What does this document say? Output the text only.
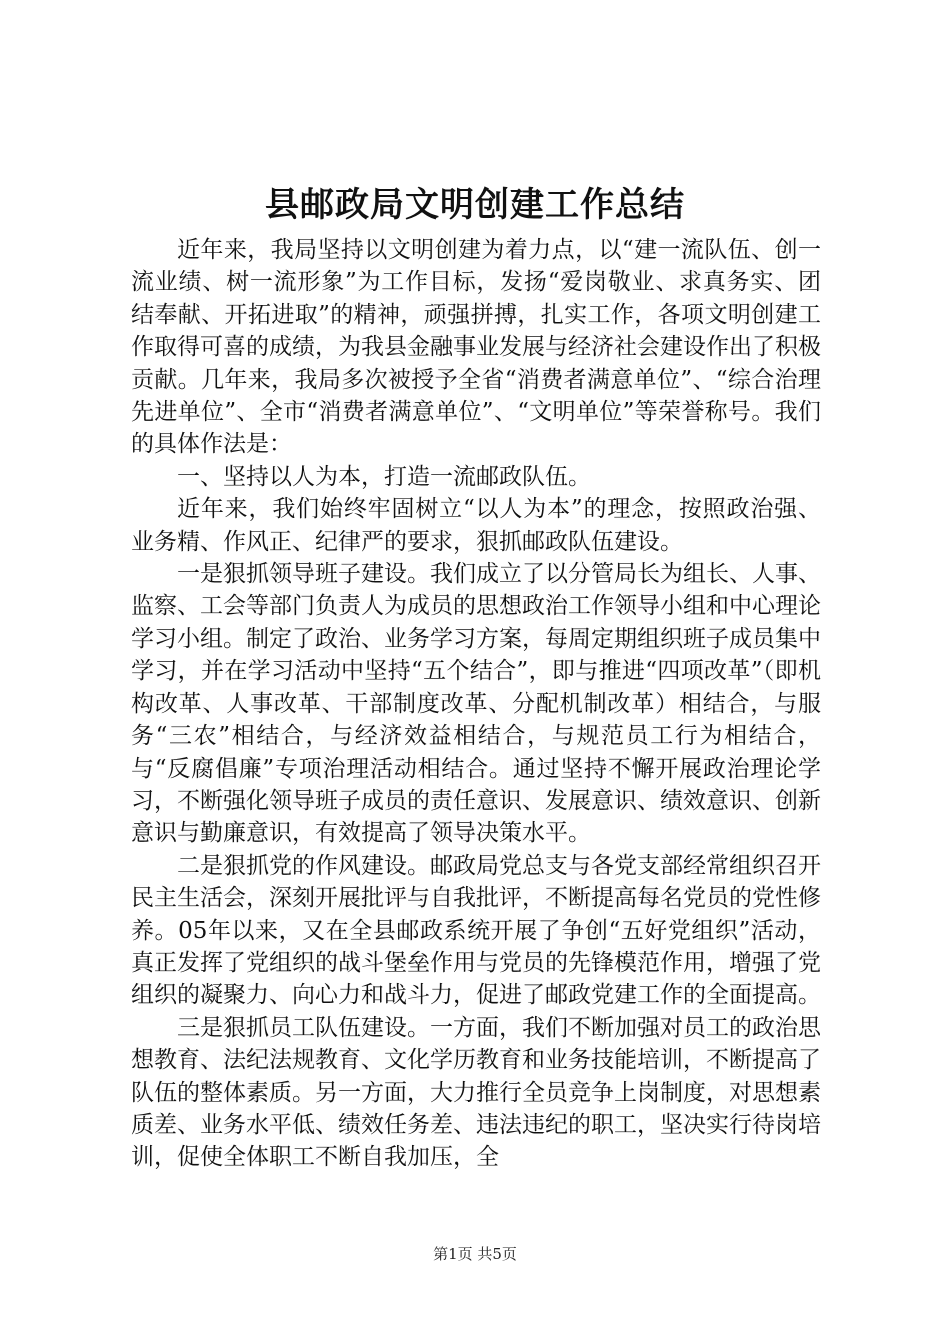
县邮政局文明创建工作总结

近年来，我局坚持以文明创建为着力点，以“建一流队伍、创一流业绩、树一流形象”为工作目标，发扬“爱岗敬业、求真务实、团结奉献、开拓进取”的精神，顽强拼搏，扎实工作，各项文明创建工作取得可喜的成绩，为我县金融事业发展与经济社会建设作出了积极贡献。几年来，我局多次被授予全省“消费者满意单位”、“综合治理先进单位”、全市“消费者满意单位”、“文明单位”等荣誉称号。我们的具体作法是：

一、坚持以人为本，打造一流邮政队伍。

近年来，我们始终牢固树立“以人为本”的理念，按照政治强、业务精、作风正、纪律严的要求，狠抓邮政队伍建设。

一是狠抓领导班子建设。我们成立了以分管局长为组长、人事、监察、工会等部门负责人为成员的思想政治工作领导小组和中心理论学习小组。制定了政治、业务学习方案，每周定期组织班子成员集中学习，并在学习活动中坚持“五个结合”，即与推进“四项改革”（即机构改革、人事改革、干部制度改革、分配机制改革）相结合，与服务“三农”相结合，与经济效益相结合，与规范员工行为相结合，与“反腐倡廉”专项治理活动相结合。通过坚持不懈开展政治理论学习，不断强化领导班子成员的责任意识、发展意识、绩效意识、创新意识与勤廉意识，有效提高了领导决策水平。

二是狠抓党的作风建设。邮政局党总支与各党支部经常组织召开民主生活会，深刻开展批评与自我批评，不断提高每名党员的党性修养。05年以来，又在全县邮政系统开展了争创“五好党组织”活动，真正发挥了党组织的战斗堡垒作用与党员的先锋模范作用，增强了党组织的凝聚力、向心力和战斗力，促进了邮政党建工作的全面提高。

三是狠抓员工队伍建设。一方面，我们不断加强对员工的政治思想教育、法纪法规教育、文化学历教育和业务技能培训，不断提高了队伍的整体素质。另一方面，大力推行全员竞争上岗制度，对思想素质差、业务水平低、绩效任务差、违法违纪的职工，坚决实行待岗培训，促使全体职工不断自我加压，全

第1页 共5页
